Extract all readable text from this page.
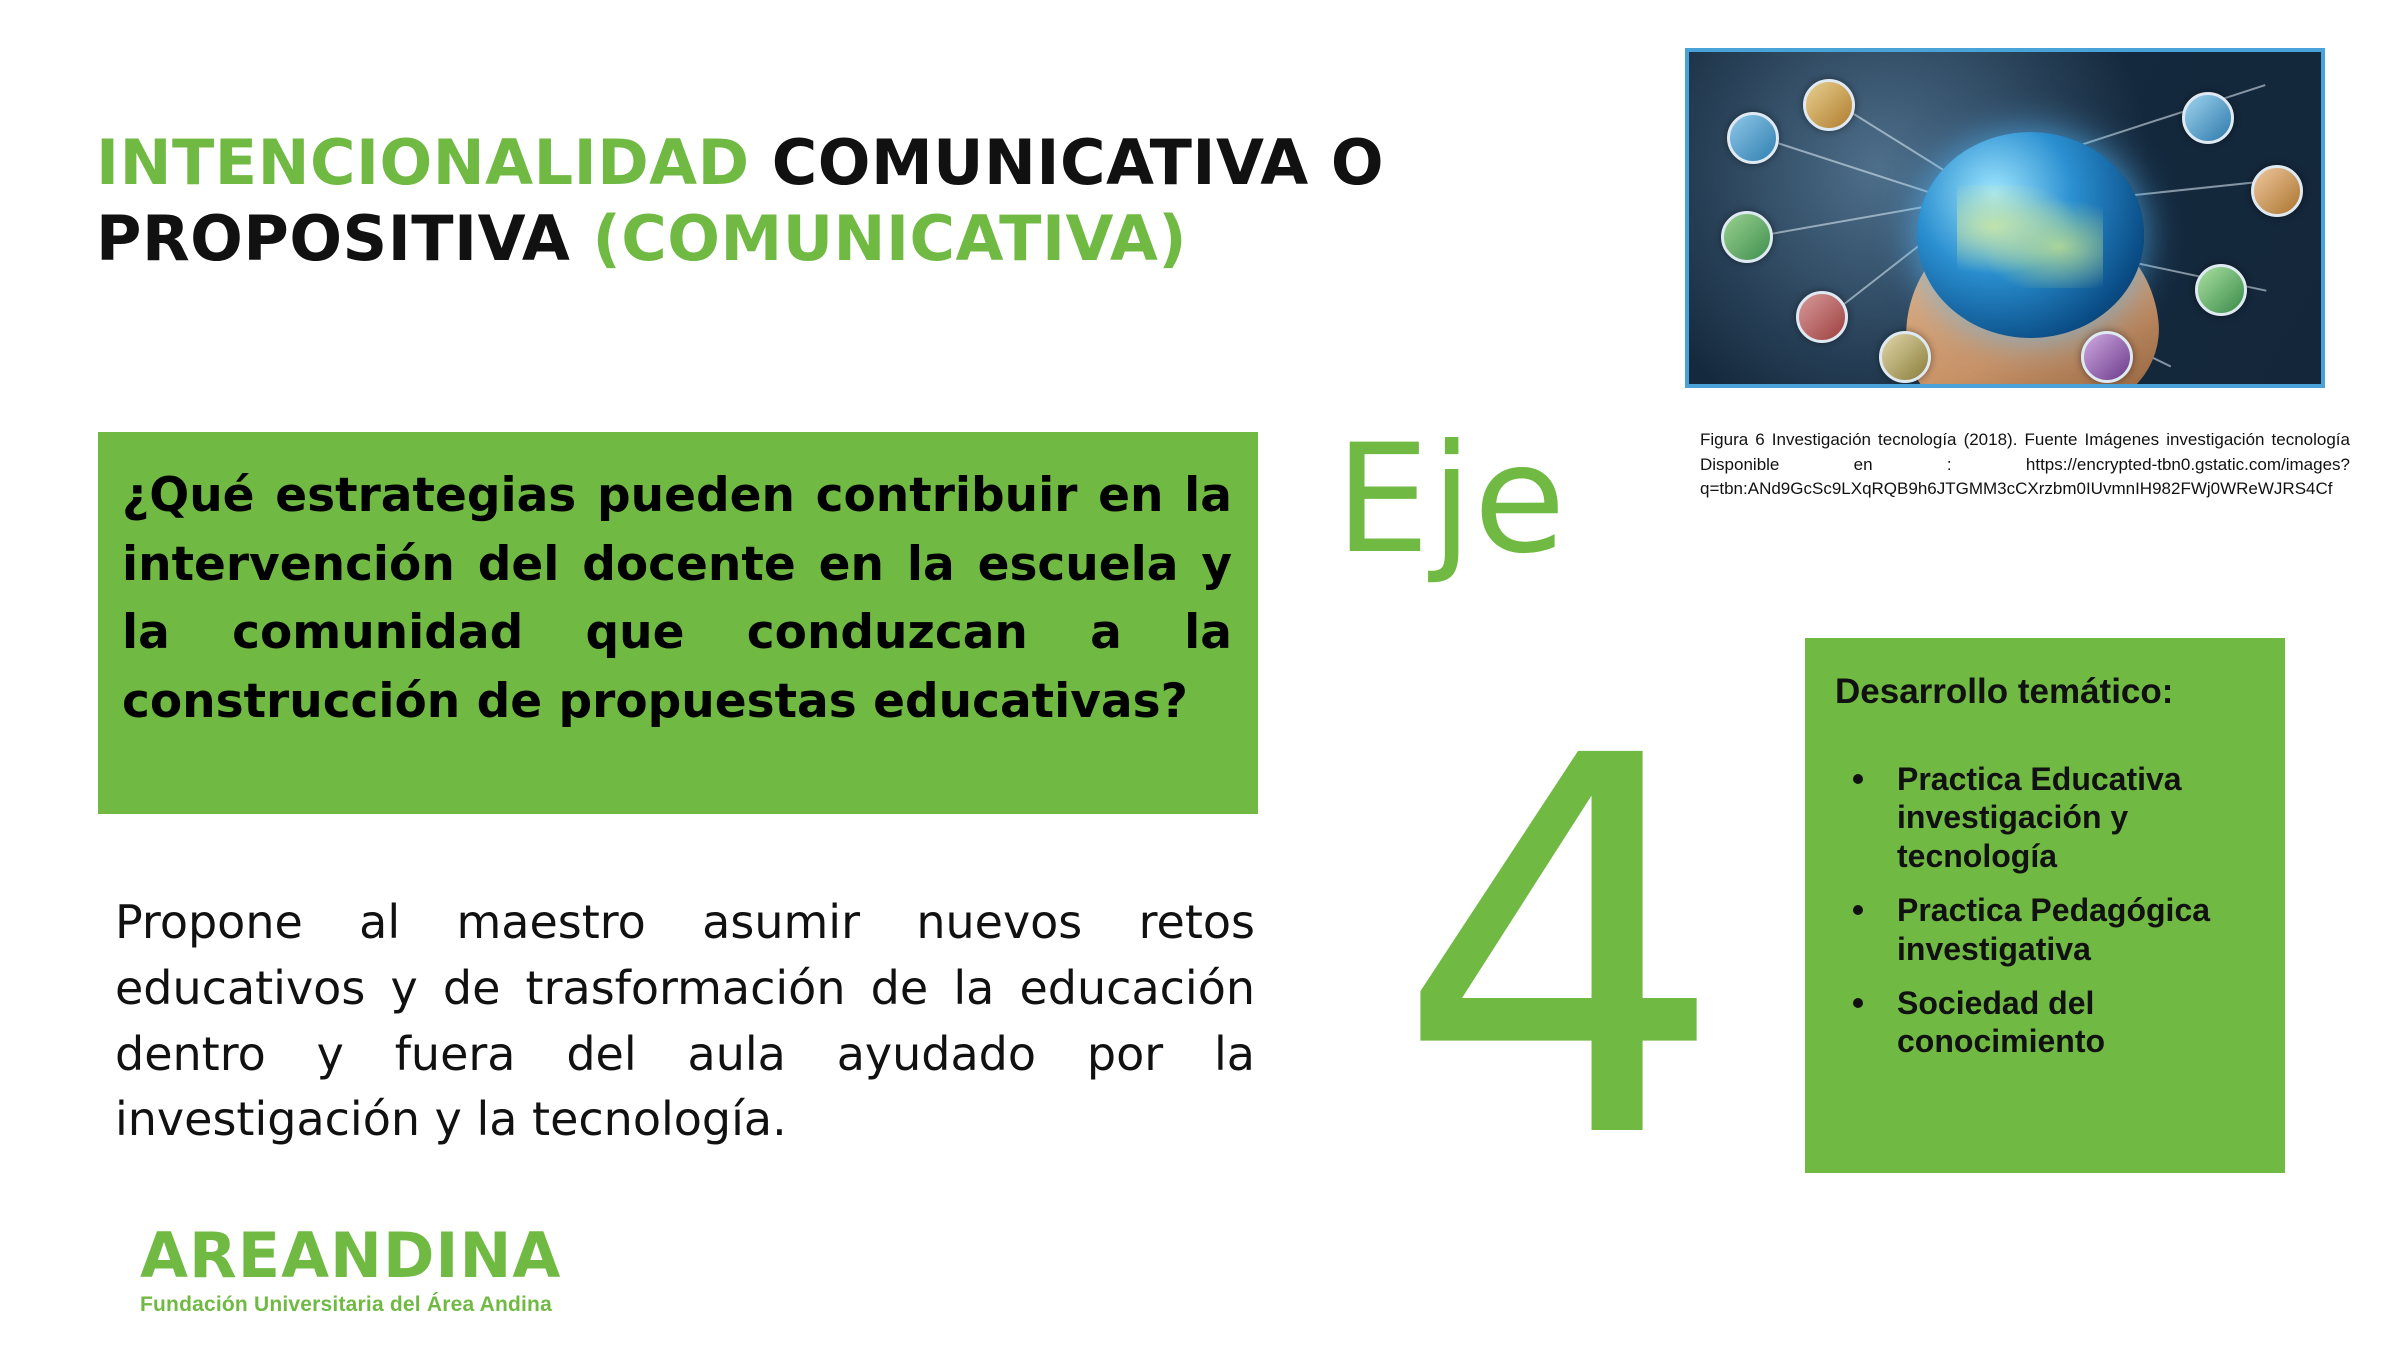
INTENCIONALIDAD COMUNICATIVA O
PROPOSITIVA (COMUNICATIVA)
¿Qué estrategias pueden contribuir en la intervención del docente en la escuela y la comunidad que conduzcan a la construcción de propuestas educativas?
Propone al maestro asumir nuevos retos educativos y de trasformación de la educación dentro y fuera del aula ayudado por la investigación y la tecnología.
Eje
4
Figura 6 Investigación tecnología (2018). Fuente Imágenes investigación tecnología Disponible en : https://encrypted-tbn0.gstatic.com/images?q=tbn:ANd9GcSc9LXqRQB9h6JTGMM3cCXrzbm0IUvmnIH982FWj0WReWJRS4Cf
Desarrollo temático:
Practica Educativa investigación y tecnología
Practica Pedagógica investigativa
Sociedad del conocimiento
AREANDINA
Fundación Universitaria del Área Andina
